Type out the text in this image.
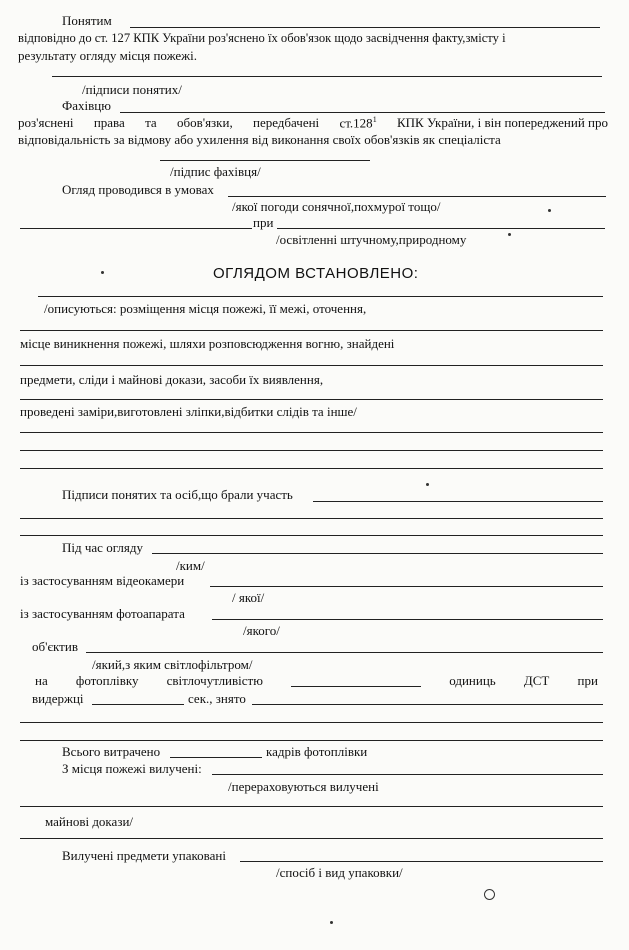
Понятим
відповідно до ст. 127 КПК України роз'яснено їх обов'язок щодо засвідчення факту,змісту і
результату огляду місця пожежі.
/підписи понятих/
Фахівцю
роз'яснені права та обов'язки, передбачені ст.128$^1$ КПК України, і він попереджений про
відповідальність за відмову або ухилення від виконання своїх обов'язків як спеціаліста
/підпис фахівця/
Огляд проводився в умовах
/якої погоди сонячної,похмурої тощо/
при
/освітленні штучному,природному
ОГЛЯДОМ ВСТАНОВЛЕНО:
/описуються: розміщення місця пожежі, її межі, оточення,
місце виникнення пожежі, шляхи розповсюдження вогню, знайдені
предмети, сліди і майнові докази, засоби їх виявлення,
проведені заміри,виготовлені зліпки,відбитки слідів та інше/
Підписи понятих та осіб,що брали участь
Під час огляду
/ким/
із застосуванням відеокамери
/ якої/
із застосуванням фотоапарата
/якого/
об'єктив
/який,з яким світлофільтром/
на фотоплівку світлочутливістю	одиниць ДСТ при
видержці	сек., знято
Всього витрачено	кадрів фотоплівки
З місця пожежі вилучені:
/перераховуються вилучені
майнові докази/
Вилучені предмети упаковані
/спосіб і вид упаковки/
